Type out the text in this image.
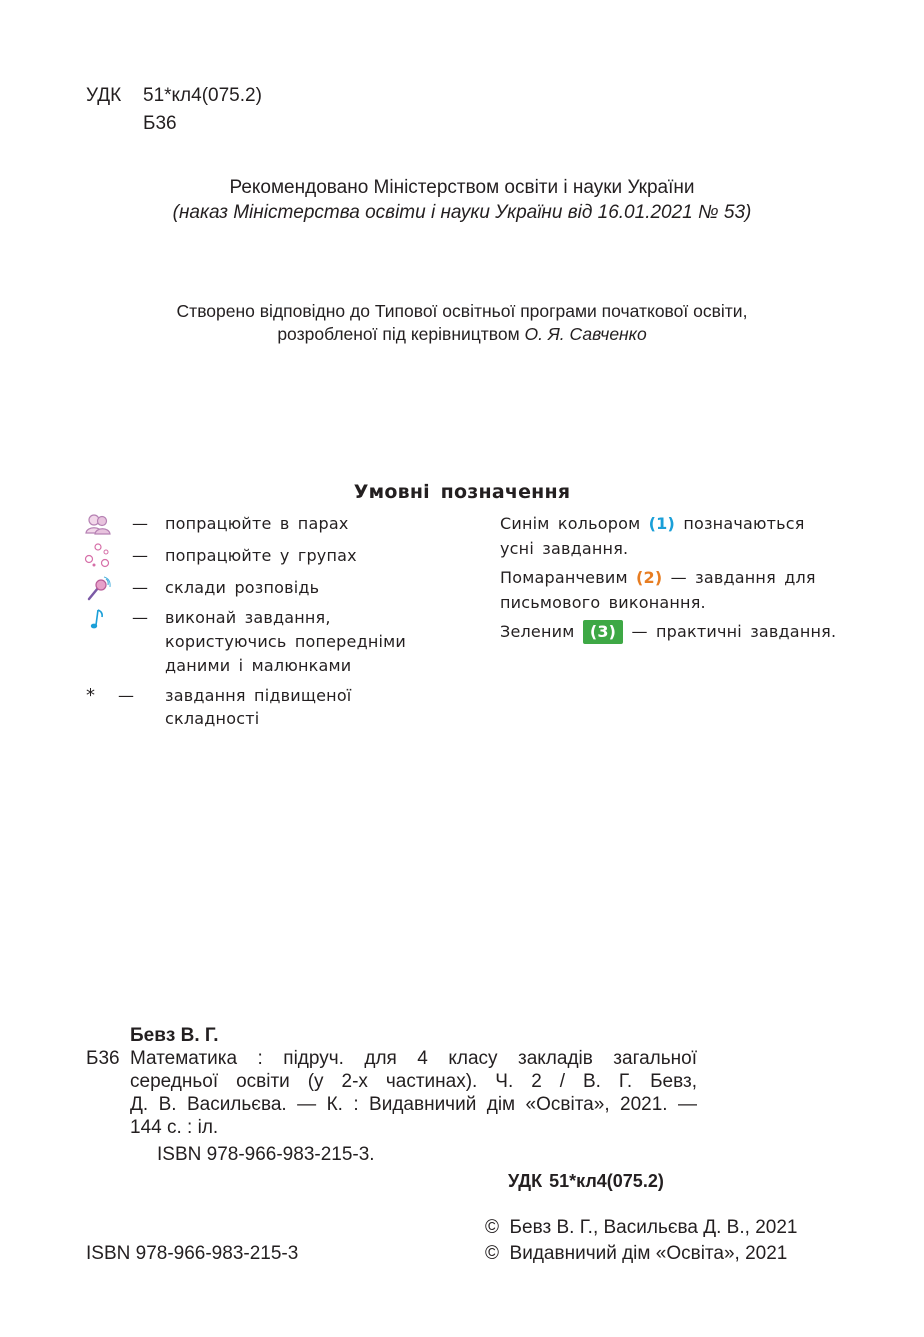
УДК 51*кл4(075.2)
Б36
Рекомендовано Міністерством освіти і науки України
(наказ Міністерства освіти і науки України від 16.01.2021 № 53)
Створено відповідно до Типової освітньої програми початкової освіти,
розробленої під керівництвом О. Я. Савченко
Умовні позначення
— попрацюйте в парах
— попрацюйте у групах
— склади розповідь
— виконай завдання,
користуючись попередніми
даними і малюнками
* — завдання підвищеної
складності
Синім кольором (1) позначаються
усні завдання.
Помаранчевим (2) — завдання для
письмового виконання.
Зеленим (3) — практичні завдання.
Бевз В. Г.
Б36 Математика : підруч. для 4 класу закладів загальної
середньої освіти (у 2-х частинах). Ч. 2 / В. Г. Бевз,
Д. В. Васильєва. — К. : Видавничий дім «Освіта», 2021. —
144 с. : іл.
ISBN 978-966-983-215-3.
УДК 51*кл4(075.2)
©  Бевз В. Г., Васильєва Д. В., 2021
ISBN 978-966-983-215-3	©  Видавничий дім «Освіта», 2021
